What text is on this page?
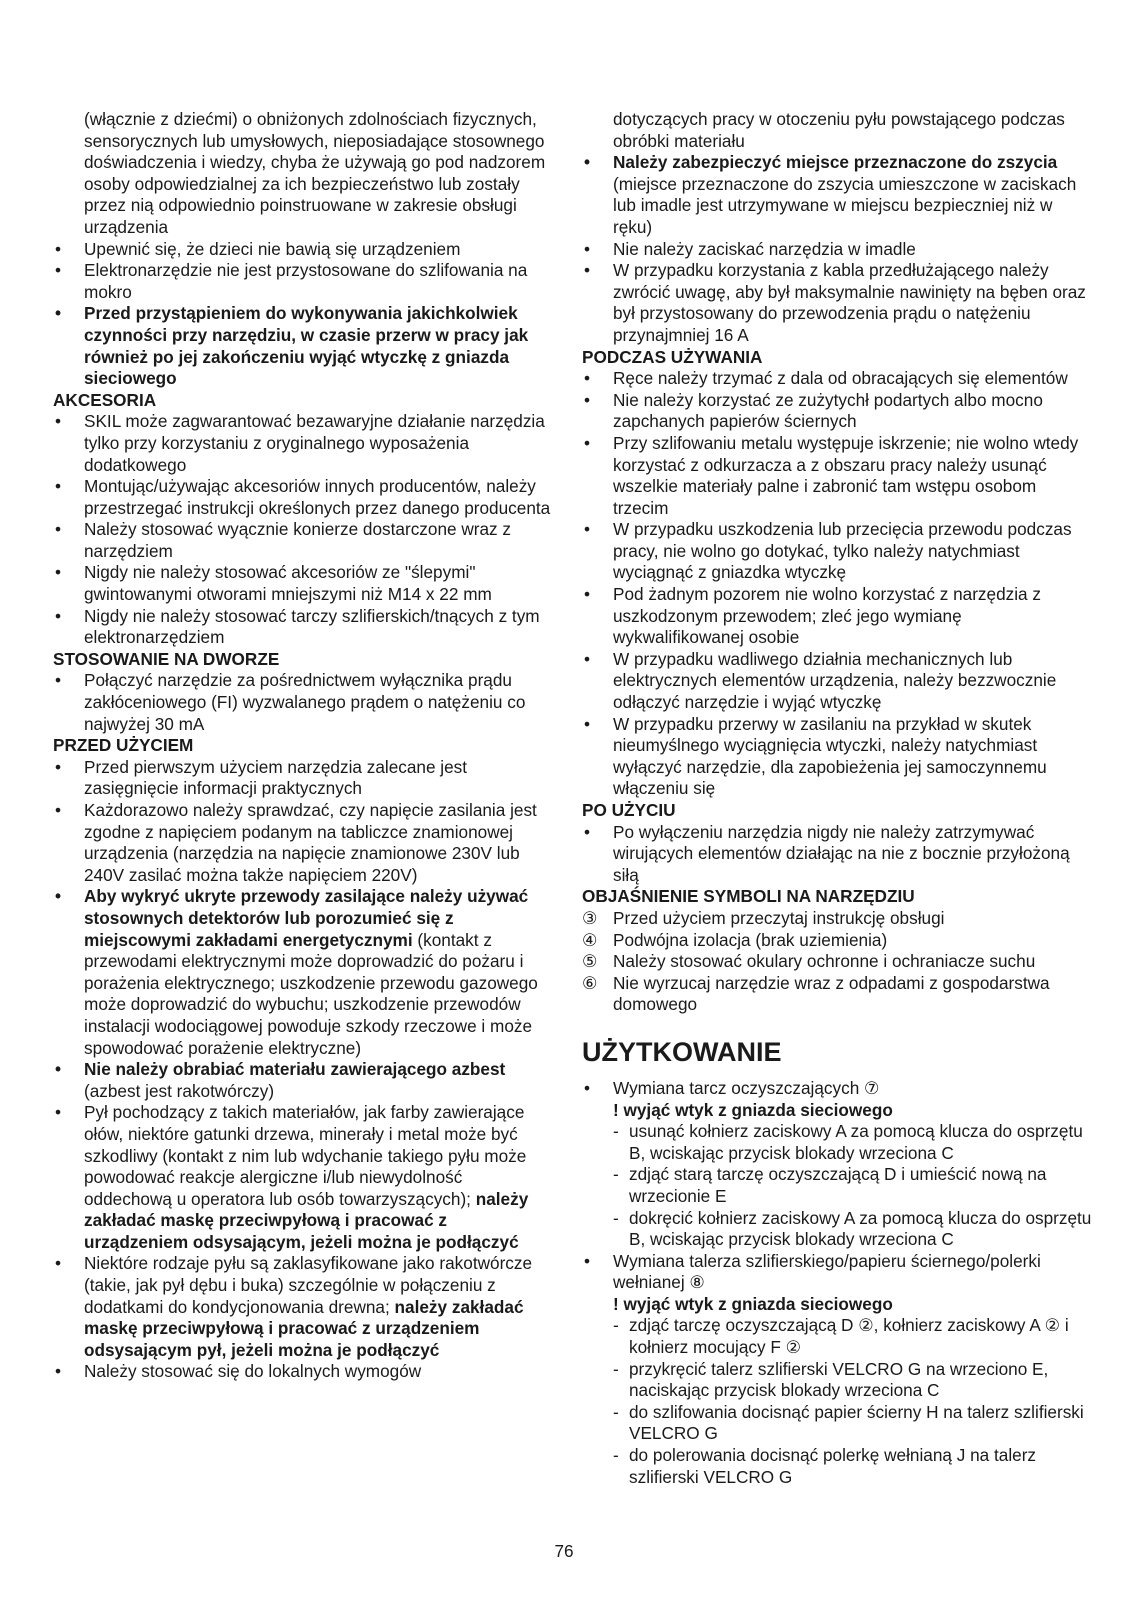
(włącznie z dziećmi) o obniżonych zdolnościach fizycznych, sensorycznych lub umysłowych, nieposiadające stosownego doświadczenia i wiedzy, chyba że używają go pod nadzorem osoby odpowiedzialnej za ich bezpieczeństwo lub zostały przez nią odpowiednio poinstruowane w zakresie obsługi urządzenia
• Upewnić się, że dzieci nie bawią się urządzeniem
• Elektronarzędzie nie jest przystosowane do szlifowania na mokro
• Przed przystąpieniem do wykonywania jakichkolwiek czynności przy narzędziu, w czasie przerw w pracy jak również po jej zakończeniu wyjąć wtyczkę z gniazda sieciowego
AKCESORIA
• SKIL może zagwarantować bezawaryjne działanie narzędzia tylko przy korzystaniu z oryginalnego wyposażenia dodatkowego
• Montując/używając akcesoriów innych producentów, należy przestrzegać instrukcji określonych przez danego producenta
• Należy stosować wyącznie konierze dostarczone wraz z narzędziem
• Nigdy nie należy stosować akcesoriów ze "ślepymi" gwintowanymi otworami mniejszymi niż M14 x 22 mm
• Nigdy nie należy stosować tarczy szlifierskich/tnących z tym elektronarzędziem
STOSOWANIE NA DWORZE
• Połączyć narzędzie za pośrednictwem wyłącznika prądu zakłóceniowego (FI) wyzwalanego prądem o natężeniu co najwyżej 30 mA
PRZED UŻYCIEM
• Przed pierwszym użyciem narzędzia zalecane jest zasięgnięcie informacji praktycznych
• Każdorazowo należy sprawdzać, czy napięcie zasilania jest zgodne z napięciem podanym na tabliczce znamionowej urządzenia (narzędzia na napięcie znamionowe 230V lub 240V zasilać można także napięciem 220V)
• Aby wykryć ukryte przewody zasilające należy używać stosownych detektorów lub porozumieć się z miejscowymi zakładami energetycznymi (kontakt z przewodami elektrycznymi może doprowadzić do pożaru i porażenia elektrycznego; uszkodzenie przewodu gazowego może doprowadzić do wybuchu; uszkodzenie przewodów instalacji wodociągowej powoduje szkody rzeczowe i może spowodować porażenie elektryczne)
• Nie należy obrabiać materiału zawierającego azbest (azbest jest rakotwórczy)
• Pył pochodzący z takich materiałów, jak farby zawierające ołów, niektóre gatunki drzewa, minerały i metal może być szkodliwy (kontakt z nim lub wdychanie takiego pyłu może powodować reakcje alergiczne i/lub niewydolność oddechową u operatora lub osób towarzyszących); należy zakładać maskę przeciwpyłową i pracować z urządzeniem odsysającym, jeżeli można je podłączyć
• Niektóre rodzaje pyłu są zaklasyfikowane jako rakotwórcze (takie, jak pył dębu i buka) szczególnie w połączeniu z dodatkami do kondycjonowania drewna; należy zakładać maskę przeciwpyłową i pracować z urządzeniem odsysającym pył, jeżeli można je podłączyć
• Należy stosować się do lokalnych wymogów
dotyczących pracy w otoczeniu pyłu powstającego podczas obróbki materiału
• Należy zabezpieczyć miejsce przeznaczone do zszycia (miejsce przeznaczone do zszycia umieszczone w zaciskach lub imadle jest utrzymywane w miejscu bezpieczniej niż w ręku)
• Nie należy zaciskać narzędzia w imadle
• W przypadku korzystania z kabla przedłużającego należy zwrócić uwagę, aby był maksymalnie nawinięty na bęben oraz był przystosowany do przewodzenia prądu o natężeniu przynajmniej 16 A
PODCZAS UŻYWANIA
• Ręce należy trzymać z dala od obracających się elementów
• Nie należy korzystać ze zużytychł podartych albo mocno zapchanych papierów ściernych
• Przy szlifowaniu metalu występuje iskrzenie; nie wolno wtedy korzystać z odkurzacza a z obszaru pracy należy usunąć wszelkie materiały palne i zabronić tam wstępu osobom trzecim
• W przypadku uszkodzenia lub przecięcia przewodu podczas pracy, nie wolno go dotykać, tylko należy natychmiast wyciągnąć z gniazdka wtyczkę
• Pod żadnym pozorem nie wolno korzystać z narzędzia z uszkodzonym przewodem; zleć jego wymianę wykwalifikowanej osobie
• W przypadku wadliwego działnia mechanicznych lub elektrycznych elementów urządzenia, należy bezzwocznie odłączyć narzędzie i wyjąć wtyczkę
• W przypadku przerwy w zasilaniu na przykład w skutek nieumyślnego wyciągnięcia wtyczki, należy natychmiast wyłączyć narzędzie, dla zapobieżenia jej samoczynnemu włączeniu się
PO UŻYCIU
• Po wyłączeniu narzędzia nigdy nie należy zatrzymywać wirujących elementów działając na nie z bocznie przyłożoną siłą
OBJAŚNIENIE SYMBOLI NA NARZĘDZIU
③ Przed użyciem przeczytaj instrukcję obsługi
④ Podwójna izolacja (brak uziemienia)
⑤ Należy stosować okulary ochronne i ochraniacze suchu
⑥ Nie wyrzucaj narzędzie wraz z odpadami z gospodarstwa domowego
UŻYTKOWANIE
• Wymiana tarcz oczyszczających ⑦
! wyjąć wtyk z gniazda sieciowego
- usunąć kołnierz zaciskowy A za pomocą klucza do osprzętu B, wciskając przycisk blokady wrzeciona C
- zdjąć starą tarczę oczyszczającą D i umieścić nową na wrzecionie E
- dokręcić kołnierz zaciskowy A za pomocą klucza do osprzętu B, wciskając przycisk blokady wrzeciona C
• Wymiana talerza szlifierskiego/papieru ściernego/polerki wełnianej ⑧
! wyjąć wtyk z gniazda sieciowego
- zdjąć tarczę oczyszczającą D ②, kołnierz zaciskowy A ② i kołnierz mocujący F ②
- przykręcić talerz szlifierski VELCRO G na wrzeciono E, naciskając przycisk blokady wrzeciona C
- do szlifowania docisnąć papier ścierny H na talerz szlifierski VELCRO G
- do polerowania docisnąć polerkę wełnianą J na talerz szlifierski VELCRO G
76
